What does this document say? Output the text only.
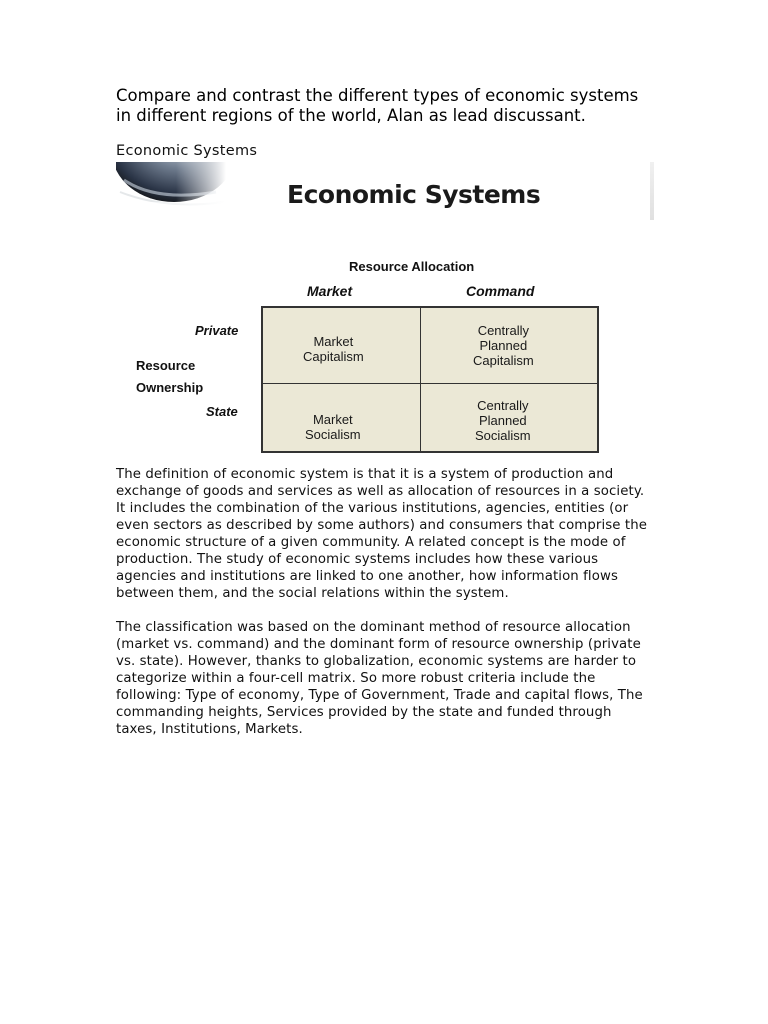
Compare and contrast the different types of economic systems in different regions of the world, Alan as lead discussant.

Economic Systems

Economic Systems

Resource Allocation
Market	Command
Private
Resource
Ownership
State
Market
Capitalism
Centrally
Planned
Capitalism
Market
Socialism
Centrally
Planned
Socialism

The definition of economic system is that it is a system of production and exchange of goods and services as well as allocation of resources in a society. It includes the combination of the various institutions, agencies, entities (or even sectors as described by some authors) and consumers that comprise the economic structure of a given community. A related concept is the mode of production. The study of economic systems includes how these various agencies and institutions are linked to one another, how information flows between them, and the social relations within the system.

The classification was based on the dominant method of resource allocation (market vs. command) and the dominant form of resource ownership (private vs. state). However, thanks to globalization, economic systems are harder to categorize within a four-cell matrix. So more robust criteria include the following: Type of economy, Type of Government, Trade and capital flows, The commanding heights, Services provided by the state and funded through taxes, Institutions, Markets.
